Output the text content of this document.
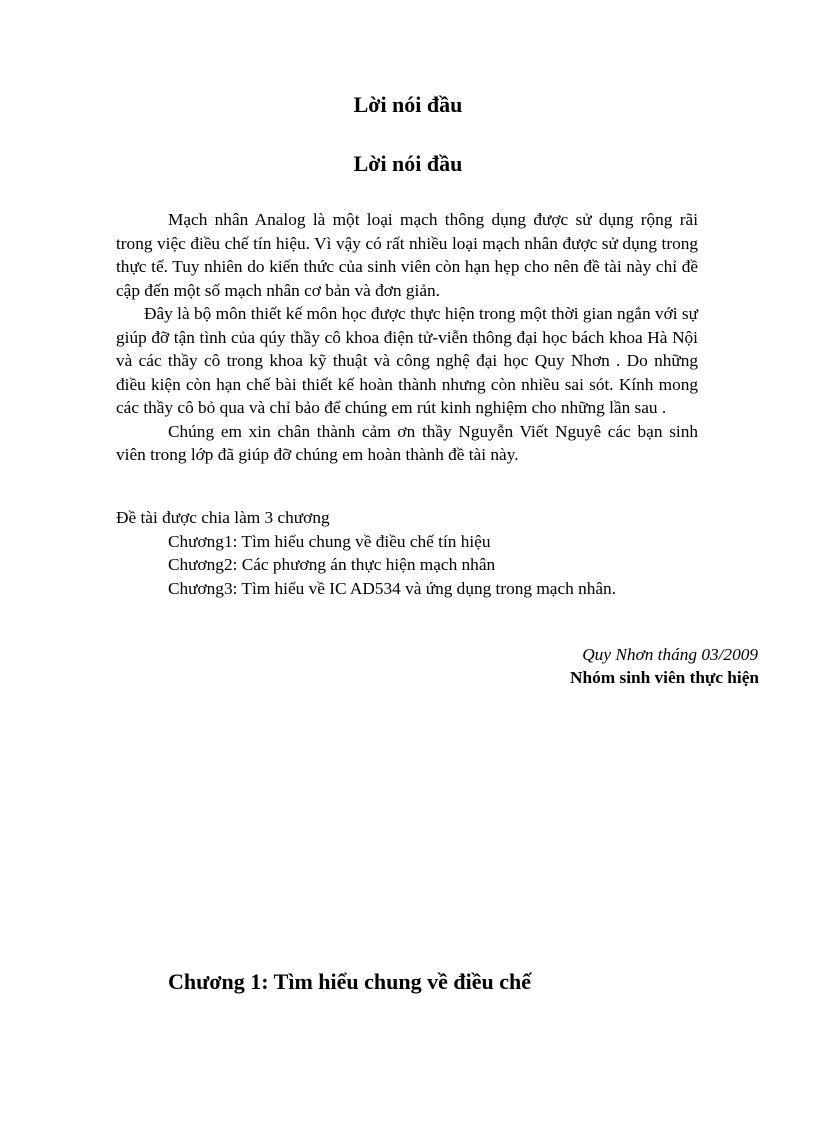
Lời nói đầu
Lời nói đầu

Mạch nhân Analog là một loại mạch thông dụng được sử dụng rộng rãi trong việc điều chế tín hiệu. Vì vậy có rất nhiều loại mạch nhân được sử dụng trong thực tế. Tuy nhiên do kiến thức của sinh viên còn hạn hẹp cho nên đề tài này chỉ đề cập đến một số mạch nhân cơ bản và đơn giản.

Đây là bộ môn thiết kế môn học được thực hiện trong một thời gian ngắn với sự giúp đỡ tận tình của qúy thầy cô khoa điện tử-viễn thông đại học bách khoa Hà Nội và các thầy cô trong khoa kỹ thuật và công nghệ đại học Quy Nhơn . Do những điều kiện còn hạn chế bài thiết kế hoàn thành nhưng còn nhiều sai sót. Kính mong các thầy cô bỏ qua và chỉ bảo để chúng em rút kinh nghiệm cho những lần sau .

Chúng em xin chân thành cảm ơn thầy Nguyễn Viết Nguyê các bạn sinh viên trong lớp đã giúp đỡ chúng em hoàn thành đề tài này.

Đề tài được chia làm 3 chương
Chương1: Tìm hiểu chung về điều chế tín hiệu
Chương2: Các phương án thực hiện mạch nhân
Chương3: Tìm hiểu về IC AD534 và ứng dụng trong mạch nhân.
Quy Nhơn tháng 03/2009
Nhóm sinh viên thực hiện
Chương 1: Tìm hiểu chung về điều chế
